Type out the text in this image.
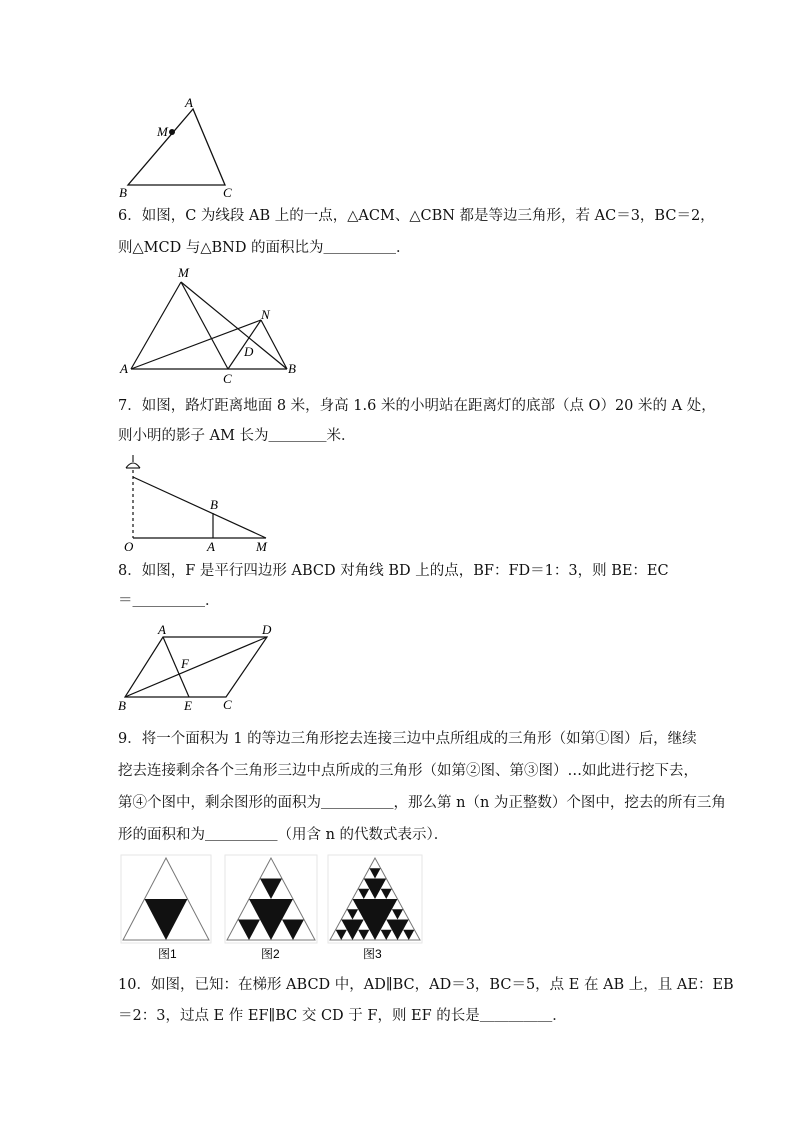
A
M
B	C
6．如图，C 为线段 AB 上的一点，△ACM、△CBN 都是等边三角形，若 AC＝3，BC＝2，
则△MCD 与△BND 的面积比为＿＿＿＿＿．
M
N
D
A
C
B
7．如图，路灯距离地面 8 米，身高 1.6 米的小明站在距离灯的底部（点 O）20 米的 A 处，
则小明的影子 AM 长为＿＿＿＿米．
B
O	A	M
8．如图，F 是平行四边形 ABCD 对角线 BD 上的点，BF：FD＝1：3，则 BE：EC
＝＿＿＿＿＿．
A	D
F
B	E C
9．将一个面积为 1 的等边三角形挖去连接三边中点所组成的三角形（如第①图）后，继续
挖去连接剩余各个三角形三边中点所成的三角形（如第②图、第③图）…如此进行挖下去，
第④个图中，剩余图形的面积为＿＿＿＿＿，那么第 n（n 为正整数）个图中，挖去的所有三角
形的面积和为＿＿＿＿＿（用含 n 的代数式表示）．
图1	图2	图3
10．如图，已知：在梯形 ABCD 中，AD∥BC，AD＝3，BC＝5，点 E 在 AB 上，且 AE：EB
＝2：3，过点 E 作 EF∥BC 交 CD 于 F，则 EF 的长是＿＿＿＿＿．
